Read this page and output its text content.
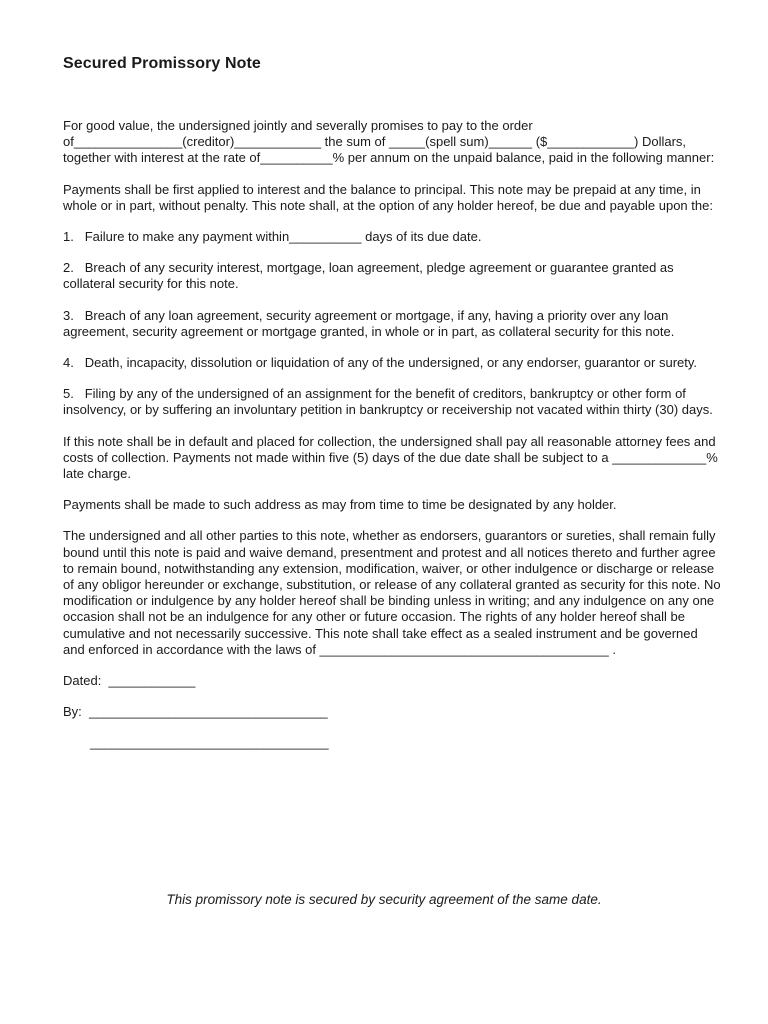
Secured Promissory Note

For good value, the undersigned jointly and severally promises to pay to the order of_______________(creditor)____________ the sum of _____(spell sum)______ ($____________) Dollars, together with interest at the rate of__________% per annum on the unpaid balance, paid in the following manner:

Payments shall be first applied to interest and the balance to principal. This note may be prepaid at any time, in whole or in part, without penalty. This note shall, at the option of any holder hereof, be due and payable upon the:

1. Failure to make any payment within__________ days of its due date.

2. Breach of any security interest, mortgage, loan agreement, pledge agreement or guarantee granted as collateral security for this note.

3. Breach of any loan agreement, security agreement or mortgage, if any, having a priority over any loan agreement, security agreement or mortgage granted, in whole or in part, as collateral security for this note.

4. Death, incapacity, dissolution or liquidation of any of the undersigned, or any endorser, guarantor or surety.

5. Filing by any of the undersigned of an assignment for the benefit of creditors, bankruptcy or other form of insolvency, or by suffering an involuntary petition in bankruptcy or receivership not vacated within thirty (30) days.

If this note shall be in default and placed for collection, the undersigned shall pay all reasonable attorney fees and costs of collection. Payments not made within five (5) days of the due date shall be subject to a _____________% late charge.

Payments shall be made to such address as may from time to time be designated by any holder.

The undersigned and all other parties to this note, whether as endorsers, guarantors or sureties, shall remain fully bound until this note is paid and waive demand, presentment and protest and all notices thereto and further agree to remain bound, notwithstanding any extension, modification, waiver, or other indulgence or discharge or release of any obligor hereunder or exchange, substitution, or release of any collateral granted as security for this note. No modification or indulgence by any holder hereof shall be binding unless in writing; and any indulgence on any one occasion shall not be an indulgence for any other or future occasion. The rights of any holder hereof shall be cumulative and not necessarily successive. This note shall take effect as a sealed instrument and be governed and enforced in accordance with the laws of ________________________________________ .

Dated: ____________

By: _________________________________

_________________________________

This promissory note is secured by security agreement of the same date.
